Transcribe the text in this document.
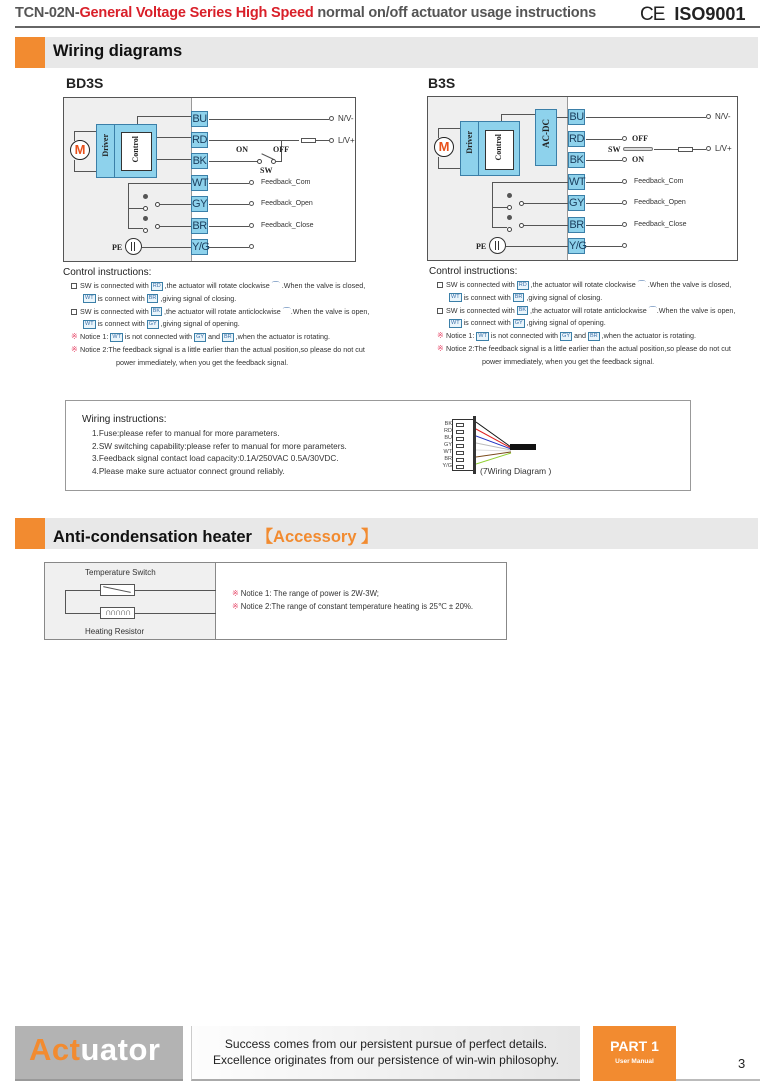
TCN-02N-General Voltage Series High Speed normal on/off actuator usage instructions CE ISO9001
Wiring diagrams
BD3S
M	Driver	Control
BU
RD
BK
WT
GY
BR
Y/G
N/V-
L/V+
ON	OFF
SW
Feedback_Com
Feedback_Open
Feedback_Close
PE
B3S
M	Driver	Control	AC-DC
BU
RD
BK
WT
GY
BR
Y/G
N/V-
OFF
SW	L/V+
ON
Feedback_Com
Feedback_Open
Feedback_Close
PE
Control instructions:
SW is connected with RD ,the actuator will rotate clockwise ⌒ .When the valve is closed,
WT is connect with BR ,giving signal of closing.
SW is connected with BK ,the actuator will rotate anticlockwise ⌒.When the valve is open,
WT is connect with GY ,giving signal of opening.
※ Notice 1: WT is not connected with GY and BR ,when the actuator is rotating.
※ Notice 2:The feedback signal is a little earlier than the actual position,so please do not cut
power immediately, when you get the feedback signal.
Control instructions:
SW is connected with RD ,the actuator will rotate clockwise ⌒ .When the valve is closed,
WT is connect with BR ,giving signal of closing.
SW is connected with BK ,the actuator will rotate anticlockwise ⌒.When the valve is open,
WT is connect with GY ,giving signal of opening.
※ Notice 1: WT is not connected with GY and BR ,when the actuator is rotating.
※ Notice 2:The feedback signal is a little earlier than the actual position,so please do not cut
power immediately, when you get the feedback signal.
Wiring instructions:
1.Fuse:please refer to manual for more parameters.
2.SW switching capability:please refer to manual for more parameters.
3.Feedback signal contact load capacity:0.1A/250VAC 0.5A/30VDC.
4.Please make sure actuator connect ground reliably.
BK
RD
BU
GY
WT
BR
Y/G	(7Wiring Diagram )
Anti-condensation heater 【Accessory 】
Temperature Switch
∩∩∩∩∩
Heating Resistor
※ Notice 1: The range of power is 2W-3W;
※ Notice 2:The range of constant temperature heating is 25℃ ± 20%.
Actuator	Success comes from our persistent pursue of perfect details.
Excellence originates from our persistence of win-win philosophy.
PART 1
User Manual	3
